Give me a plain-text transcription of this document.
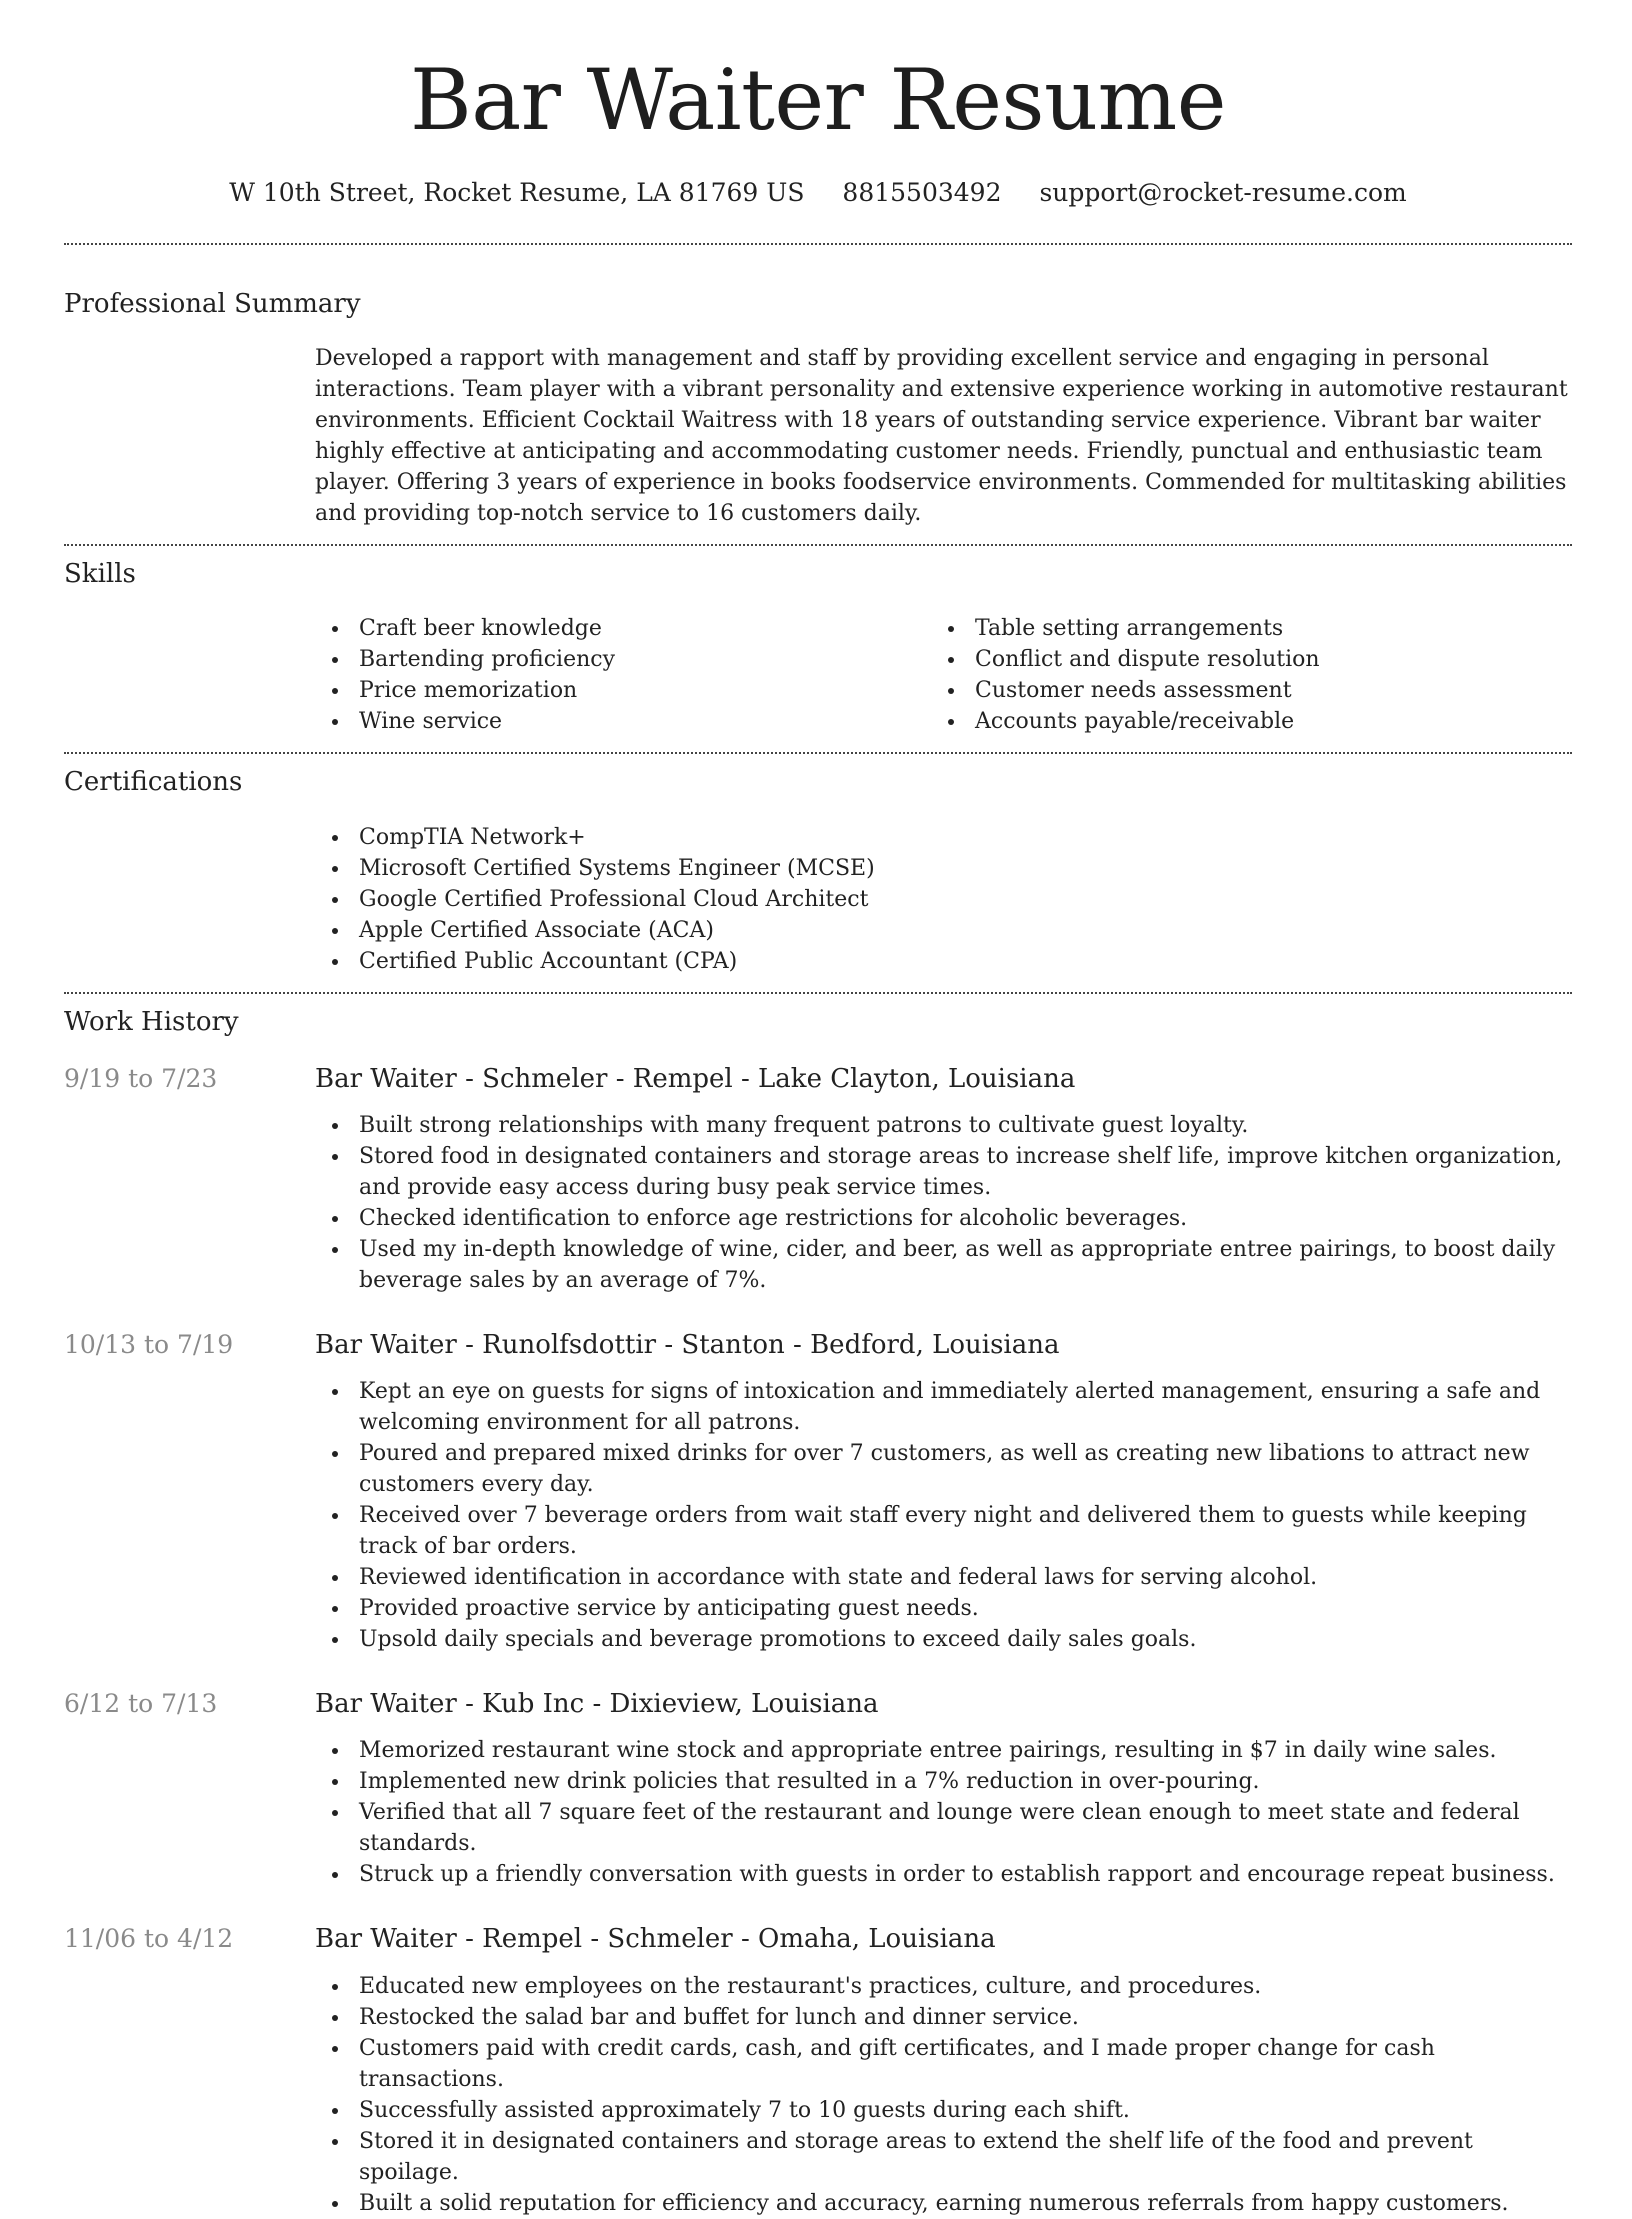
Bar Waiter Resume
W 10th Street, Rocket Resume, LA 81769 US 8815503492 support@rocket-resume.com
Professional Summary

Developed a rapport with management and staff by providing excellent service and engaging in personal interactions. Team player with a vibrant personality and extensive experience working in automotive restaurant environments. Efficient Cocktail Waitress with 18 years of outstanding service experience. Vibrant bar waiter highly effective at anticipating and accommodating customer needs. Friendly, punctual and enthusiastic team player. Offering 3 years of experience in books foodservice environments. Commended for multitasking abilities and providing top-notch service to 16 customers daily.

Skills
Craft beer knowledge
Bartending proficiency
Price memorization
Wine service
Table setting arrangements
Conflict and dispute resolution
Customer needs assessment
Accounts payable/receivable
Certifications
CompTIA Network+
Microsoft Certified Systems Engineer (MCSE)
Google Certified Professional Cloud Architect
Apple Certified Associate (ACA)
Certified Public Accountant (CPA)
Work History
9/19 to 7/23	Bar Waiter - Schmeler - Rempel - Lake Clayton, Louisiana
Built strong relationships with many frequent patrons to cultivate guest loyalty.
Stored food in designated containers and storage areas to increase shelf life, improve kitchen organization, and provide easy access during busy peak service times.
Checked identification to enforce age restrictions for alcoholic beverages.
Used my in-depth knowledge of wine, cider, and beer, as well as appropriate entree pairings, to boost daily beverage sales by an average of 7%.
10/13 to 7/19	Bar Waiter - Runolfsdottir - Stanton - Bedford, Louisiana
Kept an eye on guests for signs of intoxication and immediately alerted management, ensuring a safe and welcoming environment for all patrons.
Poured and prepared mixed drinks for over 7 customers, as well as creating new libations to attract new customers every day.
Received over 7 beverage orders from wait staff every night and delivered them to guests while keeping track of bar orders.
Reviewed identification in accordance with state and federal laws for serving alcohol.
Provided proactive service by anticipating guest needs.
Upsold daily specials and beverage promotions to exceed daily sales goals.
6/12 to 7/13	Bar Waiter - Kub Inc - Dixieview, Louisiana
Memorized restaurant wine stock and appropriate entree pairings, resulting in $7 in daily wine sales.
Implemented new drink policies that resulted in a 7% reduction in over-pouring.
Verified that all 7 square feet of the restaurant and lounge were clean enough to meet state and federal standards.
Struck up a friendly conversation with guests in order to establish rapport and encourage repeat business.
11/06 to 4/12	Bar Waiter - Rempel - Schmeler - Omaha, Louisiana
Educated new employees on the restaurant's practices, culture, and procedures.
Restocked the salad bar and buffet for lunch and dinner service.
Customers paid with credit cards, cash, and gift certificates, and I made proper change for cash transactions.
Successfully assisted approximately 7 to 10 guests during each shift.
Stored it in designated containers and storage areas to extend the shelf life of the food and prevent spoilage.
Built a solid reputation for efficiency and accuracy, earning numerous referrals from happy customers.
